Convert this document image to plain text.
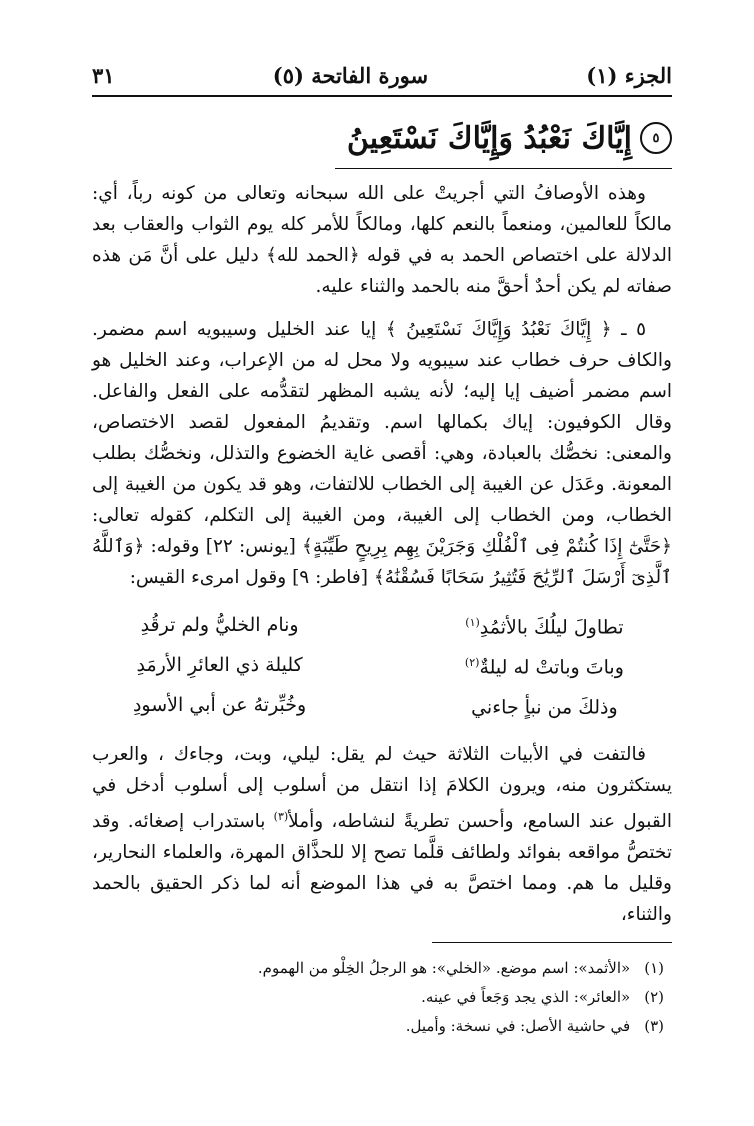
الجزء (١)
سورة الفاتحة (٥)
٣١
إِيَّاكَ نَعْبُدُ وَإِيَّاكَ نَسْتَعِينُ ٥

وهذه الأوصافُ التي أجريتْ على الله سبحانه وتعالى من كونه رباً، أي: مالكاً للعالمين، ومنعماً بالنعم كلها، ومالكاً للأمر كله يوم الثواب والعقاب بعد الدلالة على اختصاص الحمد به في قوله ﴿الحمد لله﴾ دليل على أنَّ مَن هذه صفاته لم يكن أحدٌ أحقَّ منه بالحمد والثناء عليه.

٥ ـ ﴿ إِيَّاكَ نَعْبُدُ وَإِيَّاكَ نَسْتَعِينُ ﴾ إيا عند الخليل وسيبويه اسم مضمر. والكاف حرف خطاب عند سيبويه ولا محل له من الإعراب، وعند الخليل هو اسم مضمر أضيف إيا إليه؛ لأنه يشبه المظهر لتقدُّمه على الفعل والفاعل. وقال الكوفيون: إياك بكمالها اسم. وتقديمُ المفعول لقصد الاختصاص، والمعنى: نخصُّك بالعبادة، وهي: أقصى غاية الخضوع والتذلل، ونخصُّك بطلب المعونة. وعَدَل عن الغيبة إلى الخطاب للالتفات، وهو قد يكون من الغيبة إلى الخطاب، ومن الخطاب إلى الغيبة، ومن الغيبة إلى التكلم، كقوله تعالى: ﴿حَتَّىٰٓ إِذَا كُنتُمْ فِى ٱلْفُلْكِ وَجَرَيْنَ بِهِم بِرِيحٍ طَيِّبَةٍ﴾ [يونس: ٢٢] وقوله: ﴿وَٱللَّهُ ٱلَّذِىٓ أَرْسَلَ ٱلرِّيَٰحَ فَتُثِيرُ سَحَابًا فَسُقْنَٰهُ﴾ [فاطر: ٩] وقول امرىء القيس:

تطاولَ ليلُكَ بالأثمُدِ$^{(١)}$
ونام الخليُّ ولم ترقُدِ
وباتَ وباتتْ له ليلةٌ$^{(٢)}$
كليلة ذي العائرِ الأرمَدِ
وذلكَ من نبأٍ جاءني
وخُبِّرتهُ عن أبي الأسودِ

فالتفت في الأبيات الثلاثة حيث لم يقل: ليلي، وبت، وجاءك ، والعرب يستكثرون منه، ويرون الكلامَ إذا انتقل من أسلوب إلى أسلوب أدخل في القبول عند السامع، وأحسن تطريةً لنشاطه، وأملأ$^{(٣)}$ باستدراب إصغائه. وقد تختصُّ مواقعه بفوائد ولطائف قلَّما تصح إلا للحذَّاق المهرة، والعلماء النحارير، وقليل ما هم. ومما اختصَّ به في هذا الموضع أنه لما ذكر الحقيق بالحمد والثناء،

(١)
«الأثمد»: اسم موضع. «الخلي»: هو الرجلُ الخِلْو من الهموم.
(٢)
«العائر»: الذي يجد وَجَعاً في عينه.
(٣)
في حاشية الأصل: في نسخة: وأميل.
